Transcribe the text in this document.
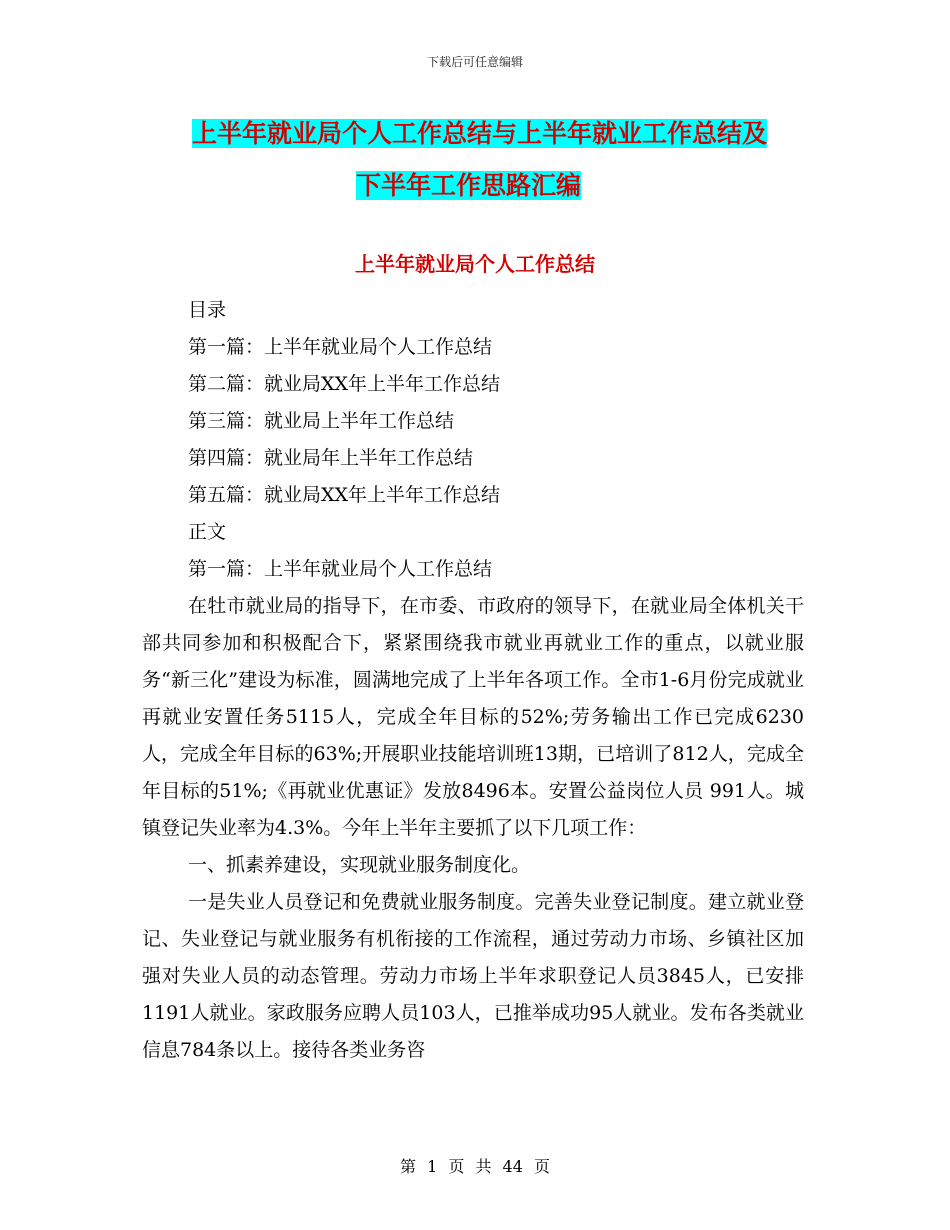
下载后可任意编辑
上半年就业局个人工作总结与上半年就业工作总结及
下半年工作思路汇编
上半年就业局个人工作总结
目录
第一篇：上半年就业局个人工作总结
第二篇：就业局XX年上半年工作总结
第三篇：就业局上半年工作总结
第四篇：就业局年上半年工作总结
第五篇：就业局XX年上半年工作总结
正文
第一篇：上半年就业局个人工作总结

在牡市就业局的指导下，在市委、市政府的领导下，在就业局全体机关干部共同参加和积极配合下，紧紧围绕我市就业再就业工作的重点，以就业服务“新三化”建设为标准，圆满地完成了上半年各项工作。全市1-6月份完成就业再就业安置任务5115人，完成全年目标的52%;劳务输出工作已完成6230 人，完成全年目标的63%;开展职业技能培训班13期，已培训了812人，完成全年目标的51%;《再就业优惠证》发放8496本。安置公益岗位人员 991人。城镇登记失业率为4.3%。今年上半年主要抓了以下几项工作：

一、抓素养建设，实现就业服务制度化。

一是失业人员登记和免费就业服务制度。完善失业登记制度。建立就业登记、失业登记与就业服务有机衔接的工作流程，通过劳动力市场、乡镇社区加强对失业人员的动态管理。劳动力市场上半年求职登记人员3845人，已安排1191人就业。家政服务应聘人员103人，已推举成功95人就业。发布各类就业信息784条以上。接待各类业务咨

第 1 页 共 44 页
